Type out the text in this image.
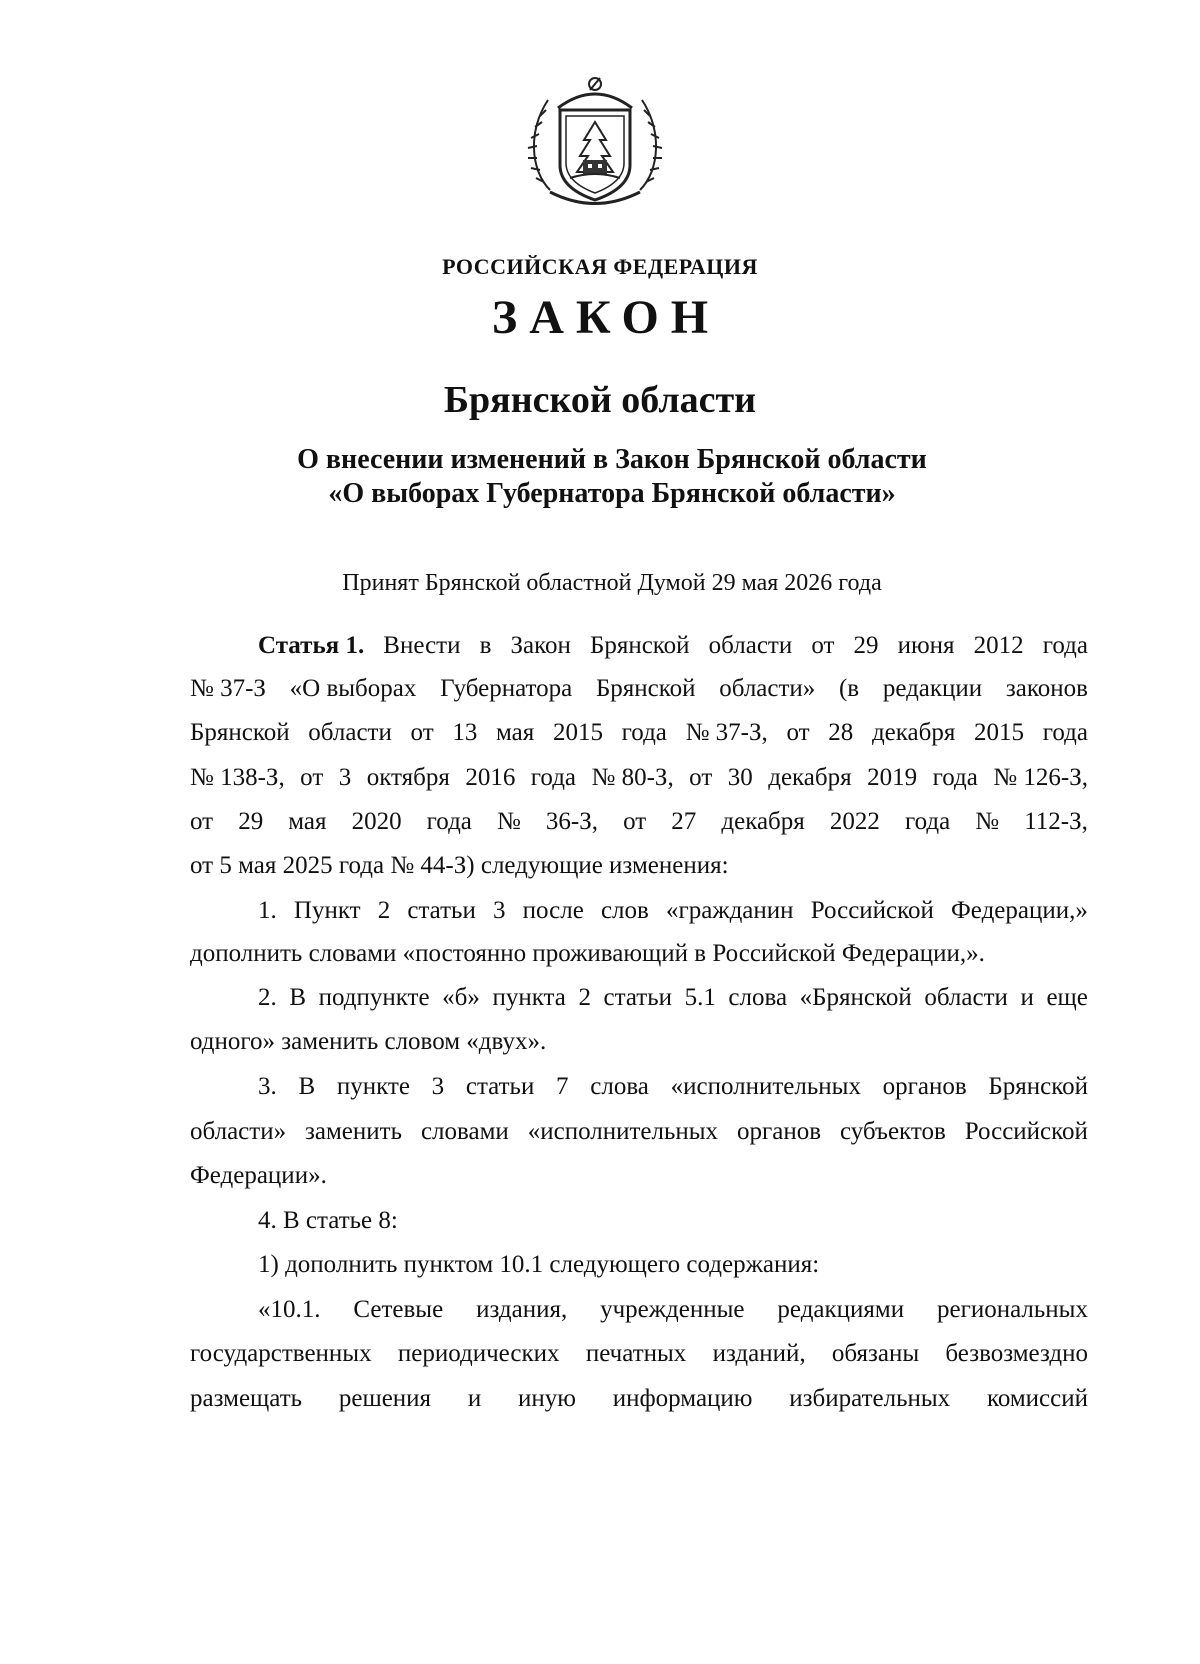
РОССИЙСКАЯ ФЕДЕРАЦИЯ
ЗАКОН
Брянской области
О внесении изменений в Закон Брянской области
«О выборах Губернатора Брянской области»
Принят Брянской областной Думой 29 мая 2026 года
Статья 1. Внести в Закон Брянской области от 29 июня 2012 года
№ 37-З «О выборах Губернатора Брянской области» (в редакции законов
Брянской области от 13 мая 2015 года № 37-З, от 28 декабря 2015 года
№ 138-З, от 3 октября 2016 года № 80-З, от 30 декабря 2019 года № 126-З,
от 29 мая 2020 года № 36-З, от 27 декабря 2022 года № 112-З,
от 5 мая 2025 года № 44-З) следующие изменения:
1. Пункт 2 статьи 3 после слов «гражданин Российской Федерации,»
дополнить словами «постоянно проживающий в Российской Федерации,».
2. В подпункте «б» пункта 2 статьи 5.1 слова «Брянской области и еще
одного» заменить словом «двух».
3. В пункте 3 статьи 7 слова «исполнительных органов Брянской
области» заменить словами «исполнительных органов субъектов Российской
Федерации».
4. В статье 8:
1) дополнить пунктом 10.1 следующего содержания:
«10.1. Сетевые издания, учрежденные редакциями региональных
государственных периодических печатных изданий, обязаны безвозмездно
размещать решения и иную информацию избирательных комиссий
